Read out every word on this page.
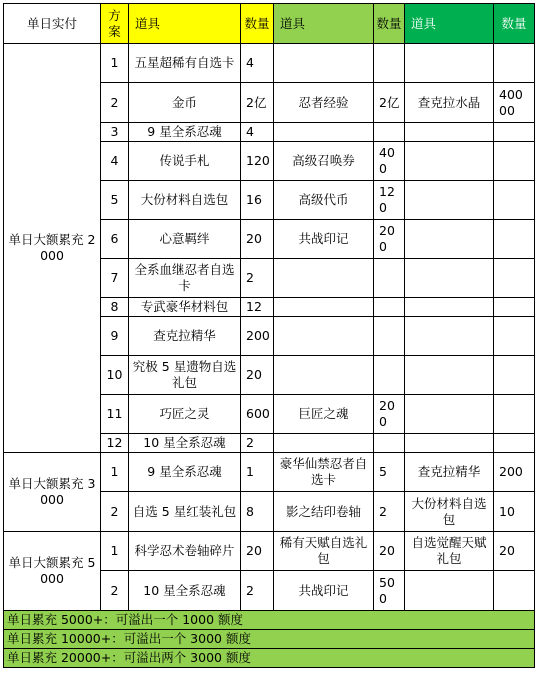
单日实付	方案	道具	数量	道具	数量	道具	数量
单日大额累充 2000	1	五星超稀有自选卡	4				
	2	金币	2亿	忍者经验	2亿	查克拉水晶	400 00
	3	9 星全系忍魂	4				
	4	传说手札	120	高级召唤券	400		
	5	大份材料自选包	16	高级代币	120		
	6	心意羁绊	20	共战印记	200		
	7	全系血继忍者自选卡	2				
	8	专武豪华材料包	12				
	9	查克拉精华	200				
	10	究极 5 星遗物自选礼包	20				
	11	巧匠之灵	600	巨匠之魂	200		
	12	10 星全系忍魂	2				
单日大额累充 3000	1	9 星全系忍魂	1	豪华仙禁忍者自选卡	5	查克拉精华	200
	2	自选 5 星红装礼包	8	影之结印卷轴	2	大份材料自选包	10
单日大额累充 5000	1	科学忍术卷轴碎片	20	稀有天赋自选礼包	20	自选觉醒天赋礼包	20
	2	10 星全系忍魂	2	共战印记	500		
单日累充 5000+：可溢出一个 1000 额度							
单日累充 10000+：可溢出一个 3000 额度							
单日累充 20000+：可溢出两个 3000 额度							
